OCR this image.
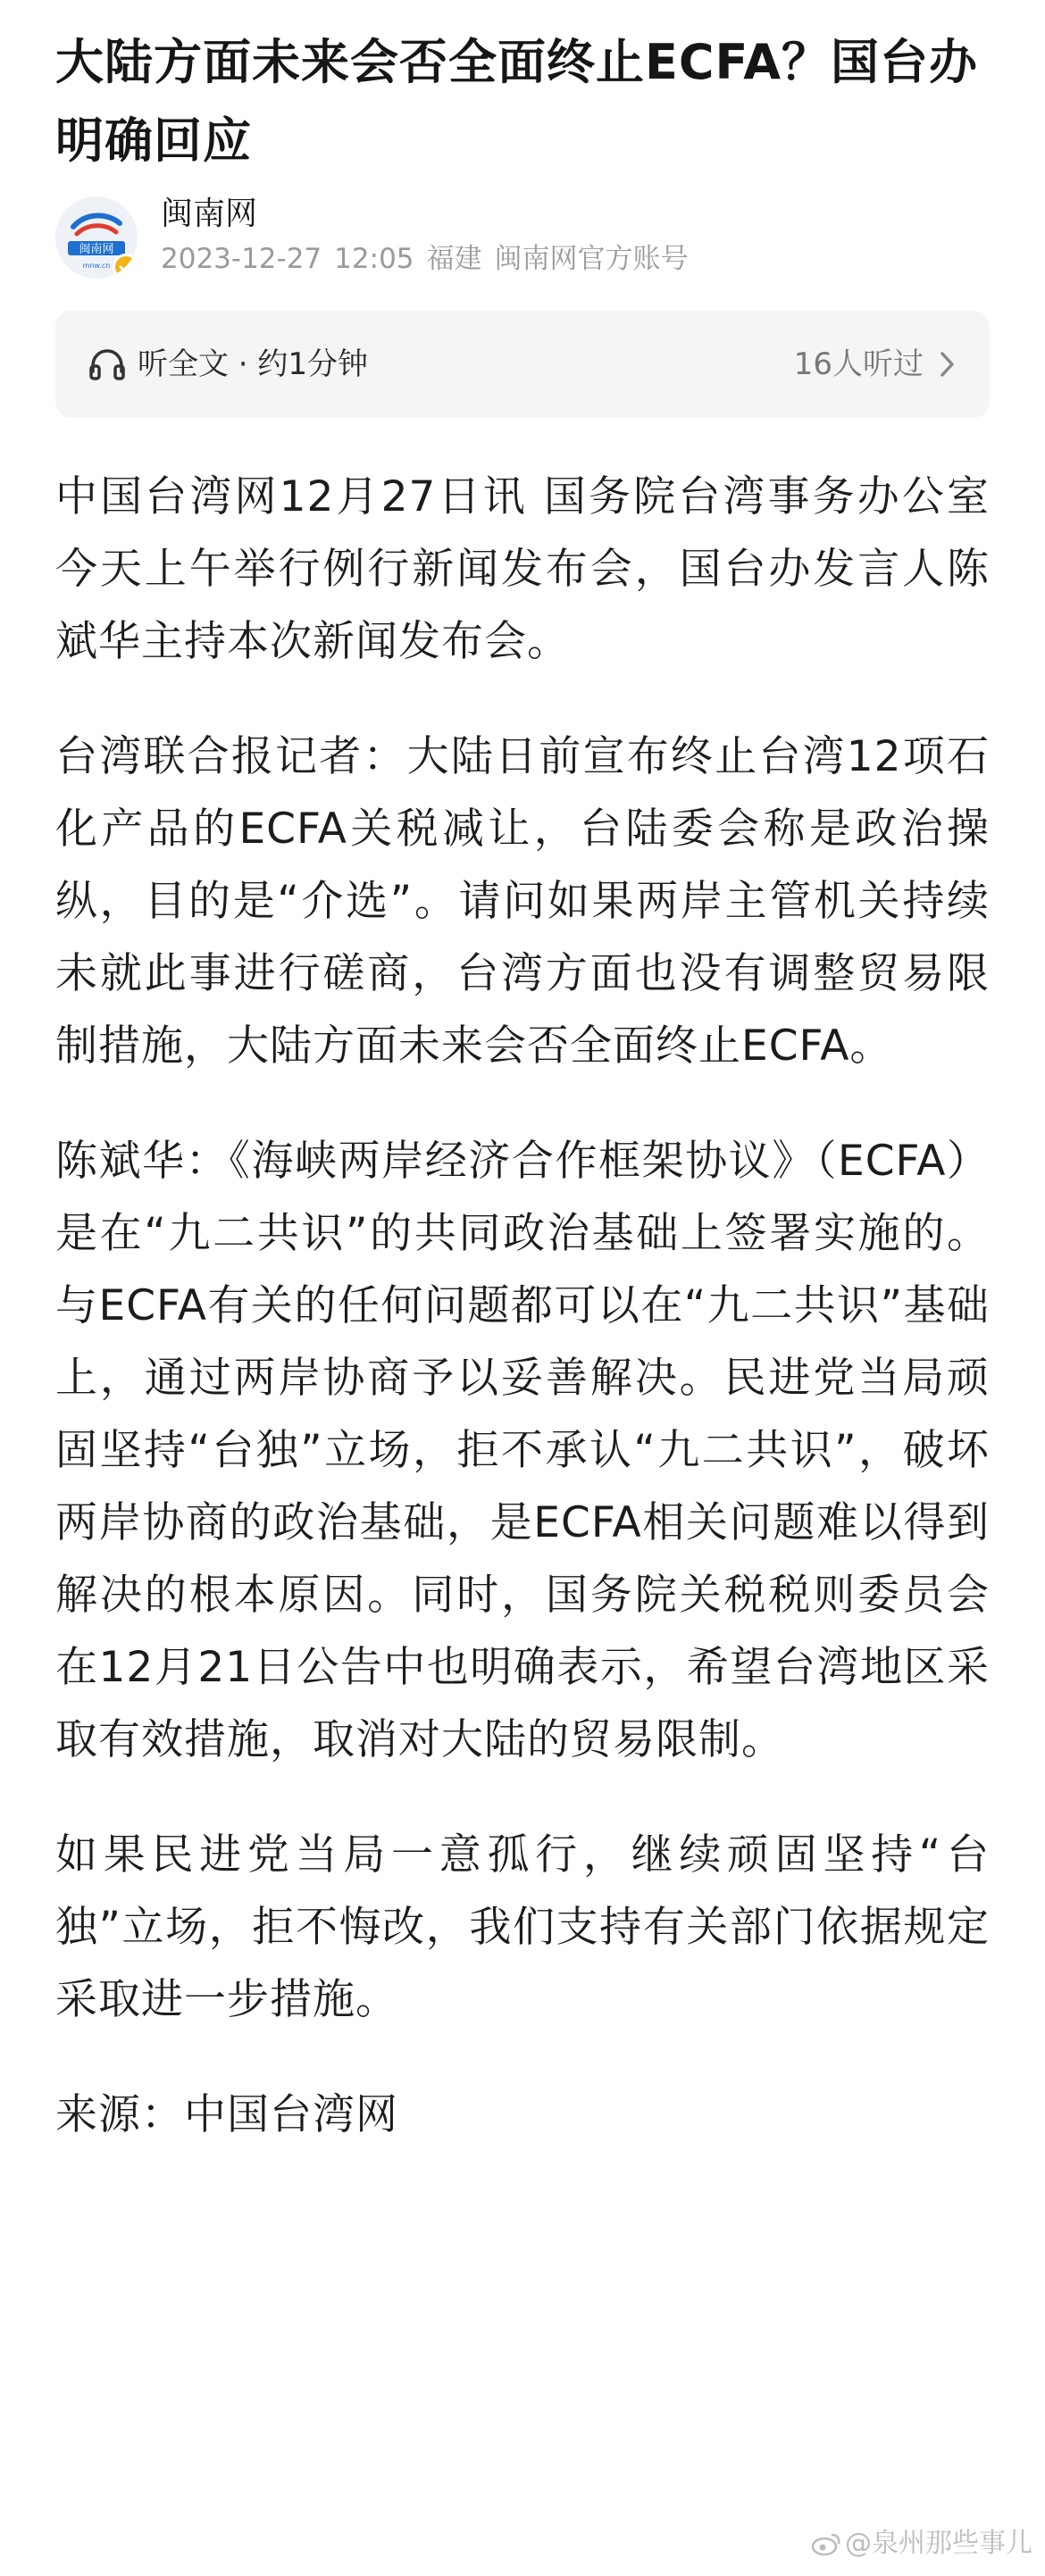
大陆方面未来会否全面终止ECFA？国台办明确回应
闽南网
mnw.cn
闽南网
2023-12-27 12:05 福建 闽南网官方账号
听全文 · 约1分钟	16人听过

中国台湾网12月27日讯 国务院台湾事务办公室今天上午举行例行新闻发布会，国台办发言人陈斌华主持本次新闻发布会。

台湾联合报记者：大陆日前宣布终止台湾12项石化产品的ECFA关税减让，台陆委会称是政治操纵，目的是“介选”。请问如果两岸主管机关持续未就此事进行磋商，台湾方面也没有调整贸易限制措施，大陆方面未来会否全面终止ECFA。

陈斌华：《海峡两岸经济合作框架协议》（ECFA）是在“九二共识”的共同政治基础上签署实施的。与ECFA有关的任何问题都可以在“九二共识”基础上，通过两岸协商予以妥善解决。民进党当局顽固坚持“台独”立场，拒不承认“九二共识”，破坏两岸协商的政治基础，是ECFA相关问题难以得到解决的根本原因。同时，国务院关税税则委员会在12月21日公告中也明确表示，希望台湾地区采取有效措施，取消对大陆的贸易限制。

如果民进党当局一意孤行，继续顽固坚持“台独”立场，拒不悔改，我们支持有关部门依据规定采取进一步措施。

来源：中国台湾网

@泉州那些事儿
